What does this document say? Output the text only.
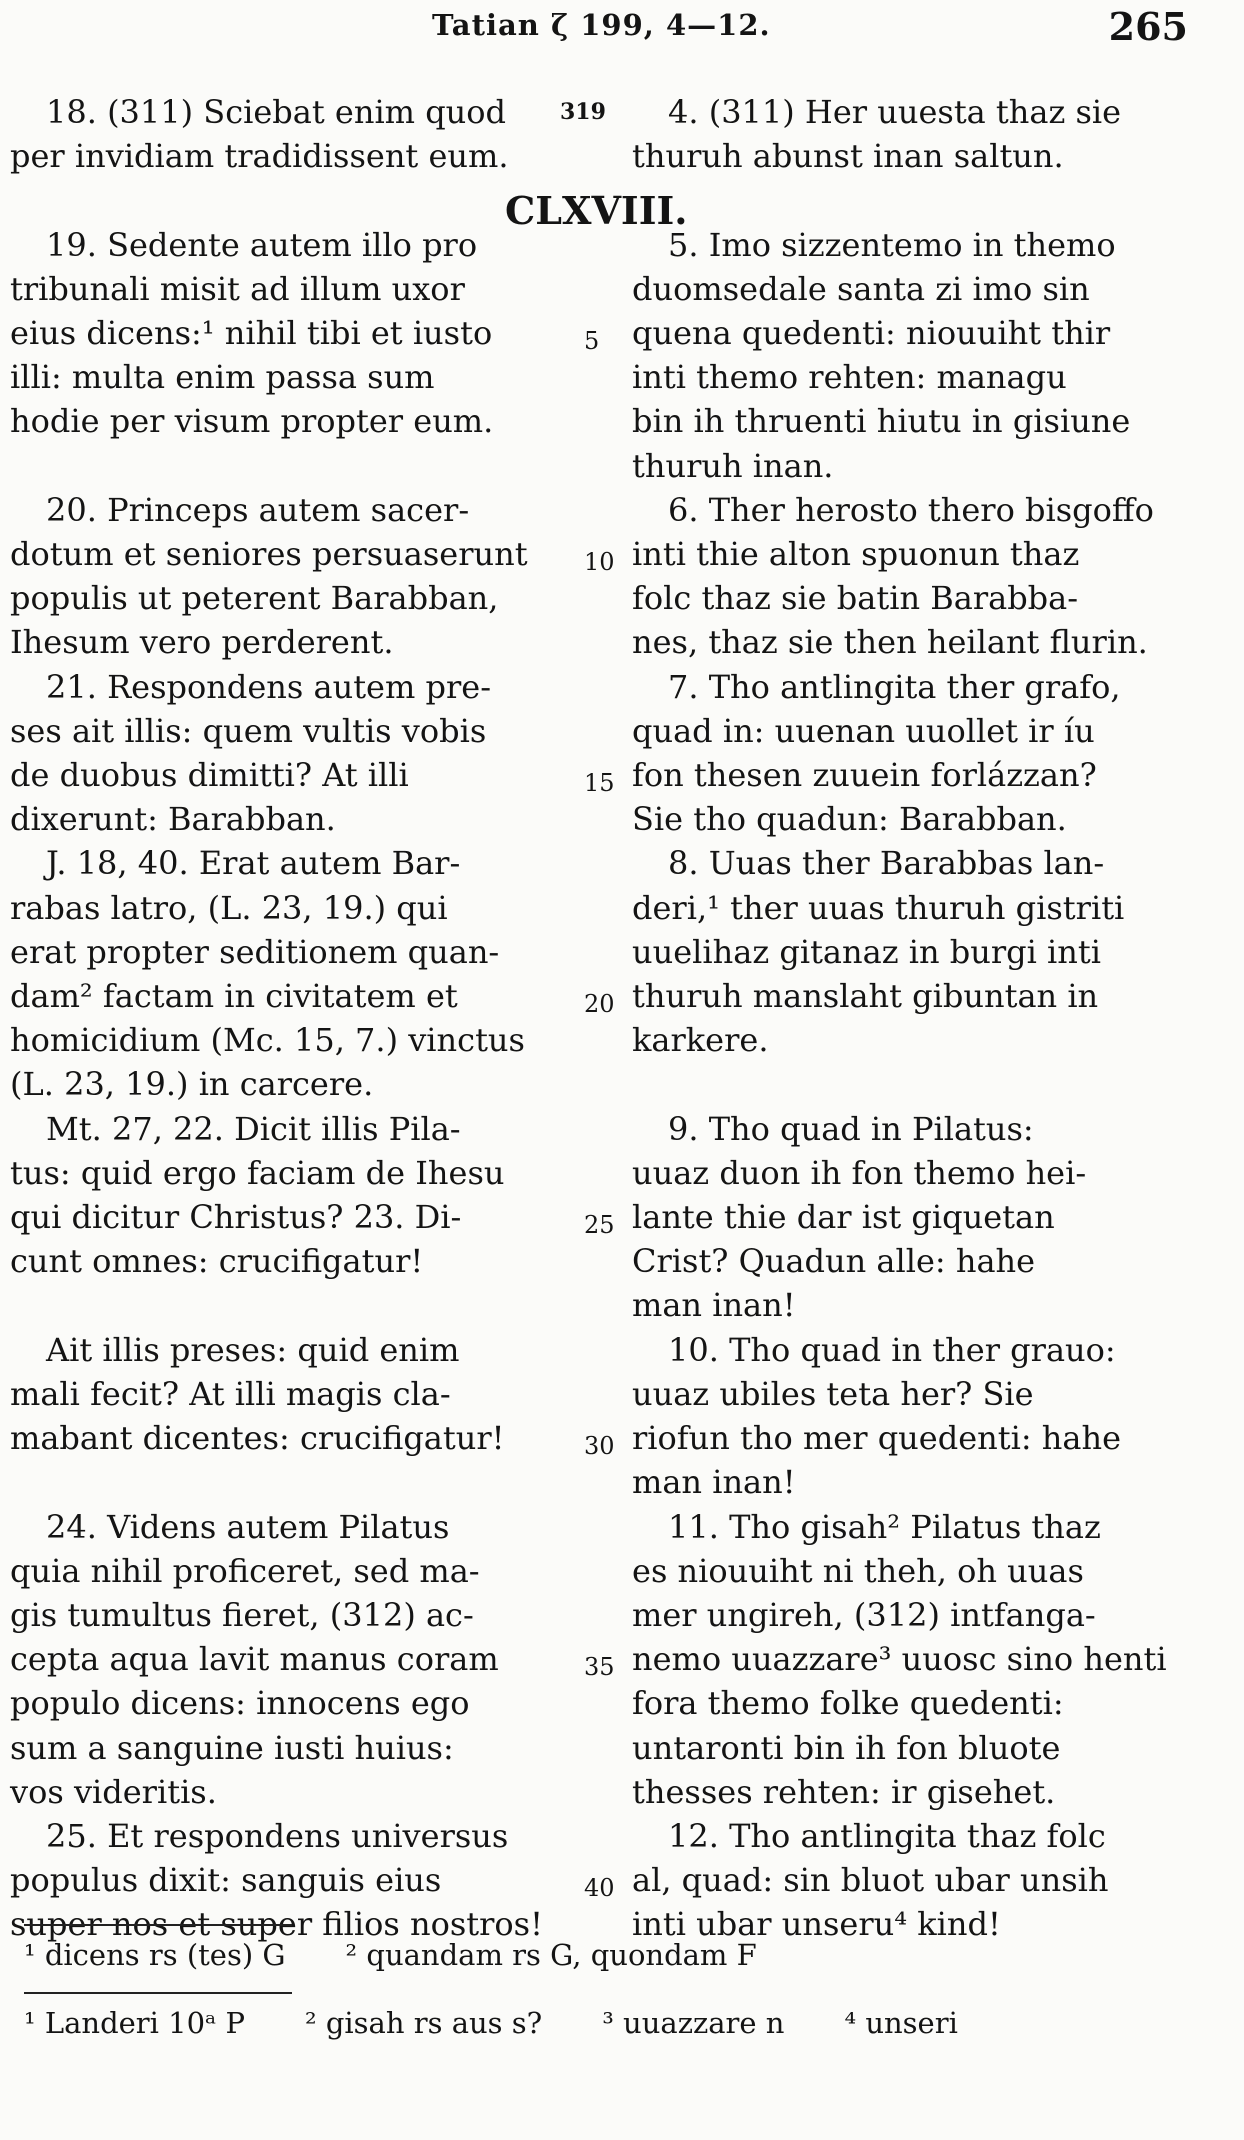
Tatian ζ 199, 4—12.	265
CLXVIII.
18. (311) Sciebat enim quod
per invidiam tradidissent eum.

19. Sedente autem illo pro
tribunali misit ad illum uxor
eius dicens:¹ nihil tibi et iusto
illi: multa enim passa sum
hodie per visum propter eum.

20. Princeps autem sacer-
dotum et seniores persuaserunt
populis ut peterent Barabban,
Ihesum vero perderent.
21. Respondens autem pre-
ses ait illis: quem vultis vobis
de duobus dimitti? At illi
dixerunt: Barabban.
J. 18, 40. Erat autem Bar-
rabas latro, (L. 23, 19.) qui
erat propter seditionem quan-
dam² factam in civitatem et
homicidium (Mc. 15, 7.) vinctus
(L. 23, 19.) in carcere.
Mt. 27, 22. Dicit illis Pila-
tus: quid ergo faciam de Ihesu
qui dicitur Christus? 23. Di-
cunt omnes: crucifigatur!

Ait illis preses: quid enim
mali fecit? At illi magis cla-
mabant dicentes: crucifigatur!

24. Videns autem Pilatus
quia nihil proficeret, sed ma-
gis tumultus fieret, (312) ac-
cepta aqua lavit manus coram
populo dicens: innocens ego
sum a sanguine iusti huius:
vos videritis.
25. Et respondens universus
populus dixit: sanguis eius
super nos et super filios nostros!
4. (311) Her uuesta thaz sie
thuruh abunst inan saltun.

5. Imo sizzentemo in themo
duomsedale santa zi imo sin
quena quedenti: niouuiht thir
inti themo rehten: managu
bin ih thruenti hiutu in gisiune
thuruh inan.
6. Ther herosto thero bisgoffo
inti thie alton spuonun thaz
folc thaz sie batin Barabba-
nes, thaz sie then heilant flurin.
7. Tho antlingita ther grafo,
quad in: uuenan uuollet ir íu
fon thesen zuuein forlázzan?
Sie tho quadun: Barabban.
8. Uuas ther Barabbas lan-
deri,¹ ther uuas thuruh gistriti
uuelihaz gitanaz in burgi inti
thuruh manslaht gibuntan in
karkere.

9. Tho quad in Pilatus:
uuaz duon ih fon themo hei-
lante thie dar ist giquetan
Crist? Quadun alle: hahe
man inan!
10. Tho quad in ther grauo:
uuaz ubiles teta her? Sie
riofun tho mer quedenti: hahe
man inan!
11. Tho gisah² Pilatus thaz
es niouuiht ni theh, oh uuas
mer ungireh, (312) intfanga-
nemo uuazzare³ uuosc sino henti
fora themo folke quedenti:
untaronti bin ih fon bluote
thesses rehten: ir gisehet.
12. Tho antlingita thaz folc
al, quad: sin bluot ubar unsih
inti ubar unseru⁴ kind!
319
5
10
15
20
25
30
35
40
¹ dicens rs (tes) G ² quandam rs G, quondam F
¹ Landeri 10ᵃ P ² gisah rs aus s? ³ uuazzare n ⁴ unseri
